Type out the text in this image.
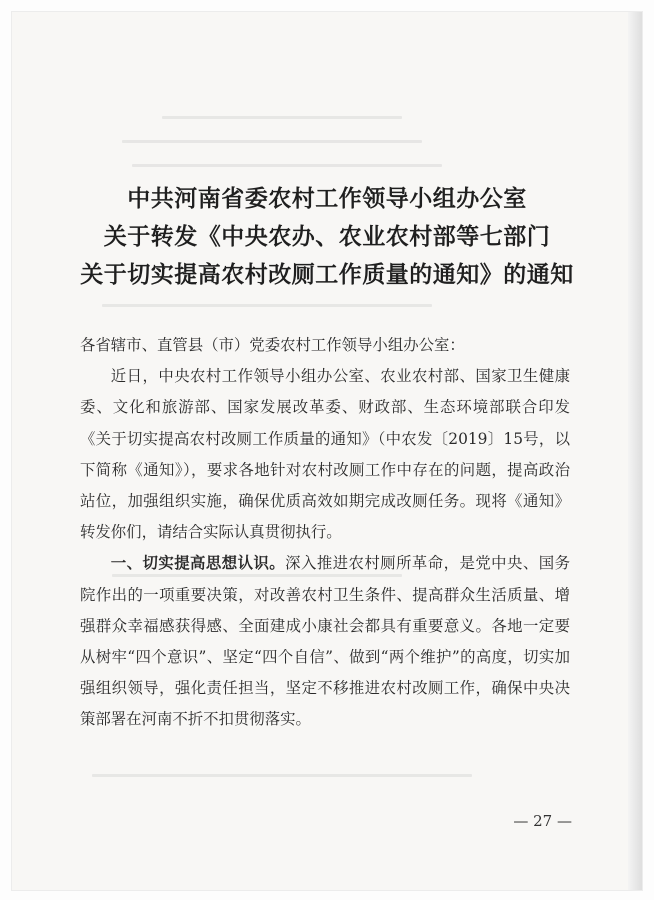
中共河南省委农村工作领导小组办公室
关于转发《中央农办、农业农村部等七部门
关于切实提高农村改厕工作质量的通知》的通知
各省辖市、直管县（市）党委农村工作领导小组办公室：

近日，中央农村工作领导小组办公室、农业农村部、国家卫生健康委、文化和旅游部、国家发展改革委、财政部、生态环境部联合印发《关于切实提高农村改厕工作质量的通知》（中农发〔2019〕15号，以下简称《通知》），要求各地针对农村改厕工作中存在的问题，提高政治站位，加强组织实施，确保优质高效如期完成改厕任务。现将《通知》转发你们，请结合实际认真贯彻执行。

一、切实提高思想认识。深入推进农村厕所革命，是党中央、国务院作出的一项重要决策，对改善农村卫生条件、提高群众生活质量、增强群众幸福感获得感、全面建成小康社会都具有重要意义。各地一定要从树牢“四个意识”、坚定“四个自信”、做到“两个维护”的高度，切实加强组织领导，强化责任担当，坚定不移推进农村改厕工作，确保中央决策部署在河南不折不扣贯彻落实。

— 27 —
